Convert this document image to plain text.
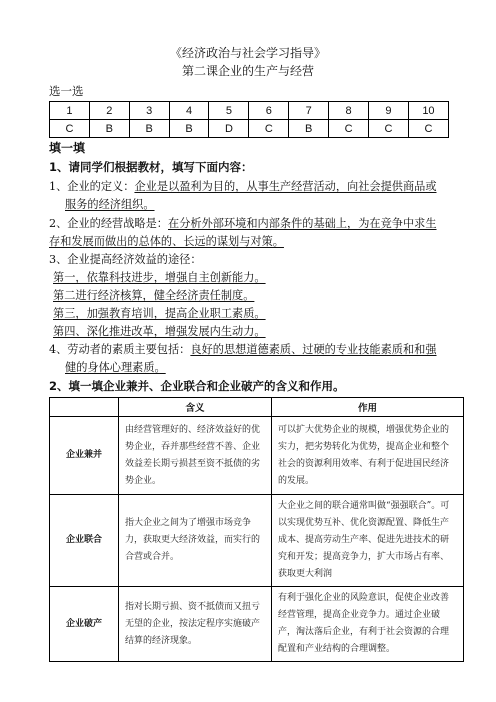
《经济政治与社会学习指导》
第二课企业的生产与经营
选一选
1	2	3	4	5	6	7	8	9	10
C	B	B	B	D	C	B	C	C	C
填一填
1、请同学们根据教材，填写下面内容：
1、企业的定义：企业是以盈利为目的，从事生产经营活动，向社会提供商品或
服务的经济组织。
2、企业的经营战略是：在分析外部环境和内部条件的基础上，为在竞争中求生
存和发展而做出的总体的、长远的谋划与对策。
3、企业提高经济效益的途径：
第一，依靠科技进步，增强自主创新能力。
第二进行经济核算，健全经济责任制度。
第三，加强教育培训，提高企业职工素质。
第四、深化推进改革，增强发展内生动力。
4、劳动者的素质主要包括：良好的思想道德素质、过硬的专业技能素质和和强
健的身体心理素质。
2、填一填企业兼并、企业联合和企业破产的含义和作用。
	含义	作用
企业兼并	由经营管理好的、经济效益好的优势企业，吞并那些经营不善、企业效益差长期亏损甚至资不抵债的劣势企业。	可以扩大优势企业的规模，增强优势企业的实力，把劣势转化为优势，提高企业和整个社会的资源利用效率、有利于促进国民经济的发展。
企业联合	指大企业之间为了增强市场竞争力，获取更大经济效益，而实行的合营或合并。	大企业之间的联合通常叫做“强强联合”。可以实现优势互补、优化资源配置、降低生产成本、提高劳动生产率、促进先进技术的研究和开发；提高竞争力，扩大市场占有率、获取更大利润
企业破产	指对长期亏损、资不抵债而又扭亏无望的企业，按法定程序实施破产结算的经济现象。	有利于强化企业的风险意识，促使企业改善经营管理，提高企业竞争力。通过企业破产，淘汰落后企业，有利于社会资源的合理配置和产业结构的合理调整。
